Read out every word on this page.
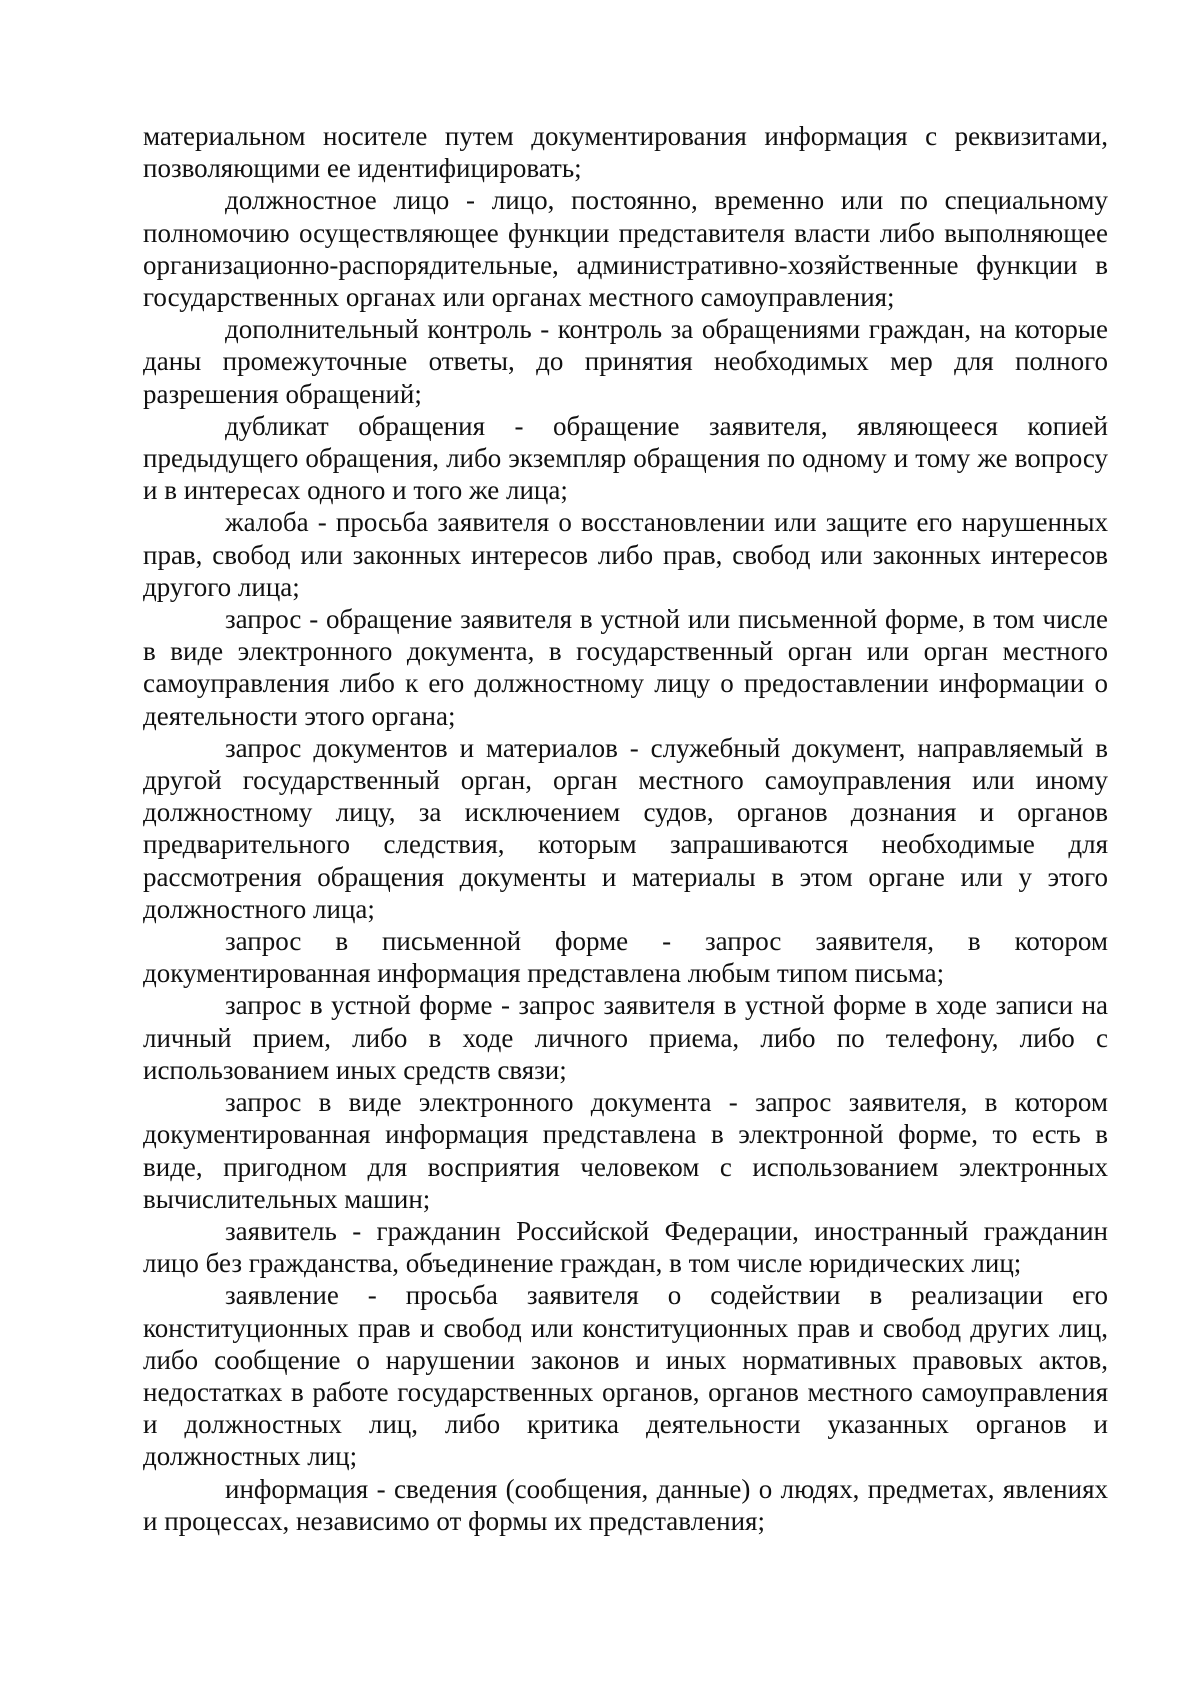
материальном носителе путем документирования информация с реквизитами, позволяющими ее идентифицировать;

должностное лицо - лицо, постоянно, временно или по специальному полномочию осуществляющее функции представителя власти либо выполняющее организационно-распорядительные, административно-хозяйственные функции в государственных органах или органах местного самоуправления;

дополнительный контроль - контроль за обращениями граждан, на которые даны промежуточные ответы, до принятия необходимых мер для полного разрешения обращений;

дубликат обращения - обращение заявителя, являющееся копией предыдущего обращения, либо экземпляр обращения по одному и тому же вопросу и в интересах одного и того же лица;

жалоба - просьба заявителя о восстановлении или защите его нарушенных прав, свобод или законных интересов либо прав, свобод или законных интересов другого лица;

запрос - обращение заявителя в устной или письменной форме, в том числе в виде электронного документа, в государственный орган или орган местного самоуправления либо к его должностному лицу о предоставлении информации о деятельности этого органа;

запрос документов и материалов - служебный документ, направляемый в другой государственный орган, орган местного самоуправления или иному должностному лицу, за исключением судов, органов дознания и органов предварительного следствия, которым запрашиваются необходимые для рассмотрения обращения документы и материалы в этом органе или у этого должностного лица;

запрос в письменной форме - запрос заявителя, в котором документированная информация представлена любым типом письма;

запрос в устной форме - запрос заявителя в устной форме в ходе записи на личный прием, либо в ходе личного приема, либо по телефону, либо с использованием иных средств связи;

запрос в виде электронного документа - запрос заявителя, в котором документированная информация представлена в электронной форме, то есть в виде, пригодном для восприятия человеком с использованием электронных вычислительных машин;

заявитель - гражданин Российской Федерации, иностранный гражданин лицо без гражданства, объединение граждан, в том числе юридических лиц;

заявление - просьба заявителя о содействии в реализации его конституционных прав и свобод или конституционных прав и свобод других лиц, либо сообщение о нарушении законов и иных нормативных правовых актов, недостатках в работе государственных органов, органов местного самоуправления и должностных лиц, либо критика деятельности указанных органов и должностных лиц;

информация - сведения (сообщения, данные) о людях, предметах, явлениях и процессах, независимо от формы их представления;
